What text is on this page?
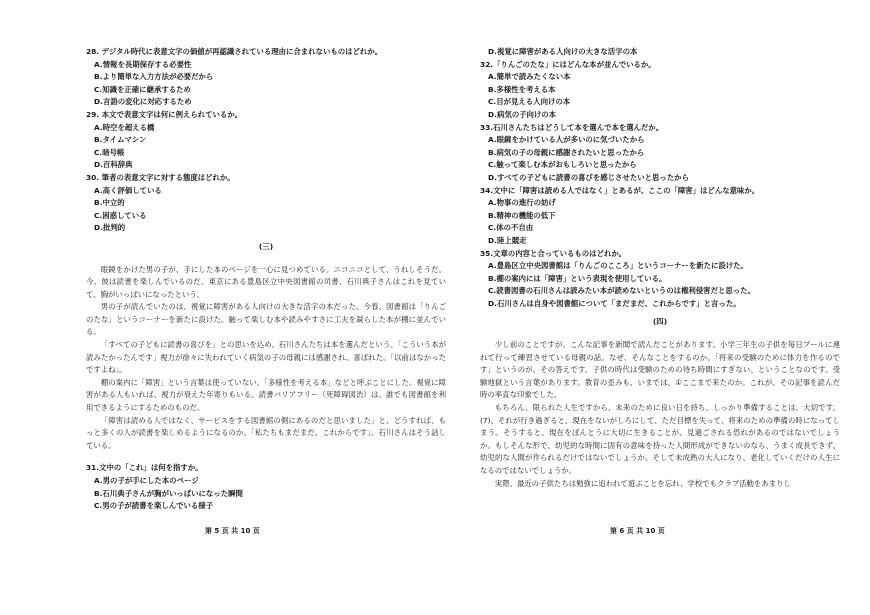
28. デジタル時代に表意文字の価値が再認識されている理由に合まれないものはどれか。
A.情報を長期保存する必要性
B.より簡単な入力方法が必要だから
C.知識を正確に継承するため
D.言語の変化に対応するため
29. 本文で表意文字は何に例えられているか。
A.時空を超える橋
B.タイムマシン
C.暗号帳
D.百科辞典
30. 筆者の表意文字に対する態度はどれか。
A.高く評価している
B.中立的
C.困惑している
D.批判的
(三)
眼鏡をかけた男の子が、手にした本のページを一心に見つめている。ニコニコとして、うれしそうだ。今、彼は読書を楽しんでいるのだ。東京にある豊島区立中央図書館の司書、石川典子さんはこれを見ていて、胸がいっぱいになったという。
男の子が読んでいたのは、視覚に障害がある人向けの大きな活字の本だった。今春、図書館は「りんごのたな」というコーナーを新たに設けた。触って楽しむ本や読みやすさに工夫を凝らした本が棚に並んでいる。
「すべての子どもに読書の喜びを」との思いを込め、石川さんたちは本を選んだという。「こういう本が読みたかったんです」視力が徐々に失われていく病気の子の母親には感謝され、喜ばれた。「以前はなかったですよね」。
棚の案内に「障害」という言葉は使っていない。「多様性を考える本」などと呼ぶことにした。視覚に障害がある人もいれば、視力が衰えた年寄りもいる。読書バリアフリー（死障碍図渋）は、誰でも図書館を利用できるようにするためのものだ。
「障害は読める人ではなく、サービスをする図書館の側にあるのだと思いました」と、どうすれば、もっと多くの人が読書を楽しめるようになるのか。「私たちもまだまだ、これからです」。石川さんはそう話している。
31.文中の「これ」は何を指すか。
A.男の子が手にした本のページ
B.石川典子さんが胸がいっぱいになった瞬間
C.男の子が読書を楽しんでいる様子
第 5 页 共 10 页
D.視覚に障害がある人向けの大きな活字の本
32.「りんごのたな」にはどんな本が並んでいるか。
A.簡単で読みたくない本
B.多様性を考える本
C.目が見える人向けの本
D.病気の子向けの本
33.石川さんたちはどうして本を選んで本を選んだか。
A.眼鏡をかけている人が多いのに気づいたから
B.病気の子の母親に感謝されたいと思ったから
C.触って楽しむ本がおもしろいと思ったから
D.すべての子どもに読書の喜びを感じさせたいと思ったから
34.文中に「障害は読める人ではなく」とあるが、ここの「障害」はどんな意味か。
A.物事の進行の妨げ
B.精神の機能の低下
C.体の不自由
D.陸上競走
35.文章の内容と合っているものはどれか。
A.豊島区立中央図書館は「りんごのこころ」というコーナーを新たに設けた。
B.棚の案内には「障害」という表現を使用している。
C.読書図書の石川さんは読みたい本が読めないというのは権利侵害だと思った。
D.石川さんは自身や図書館について「まだまだ、これからです」と言った。
(四)
少し前のことですが、こんな記事を新聞で読んだことがあります。小学三年生の子供を毎日プールに連れて行って練習させている母親の話。なぜ、そんなことをするのか。「将来の受験のために体力を作るのです」というのが、その答えです。子供の時代は受験のための待ち時間にすぎない、ということなのです。受験地獄という言葉があります。教育の歪みも、いまでは、①ここまで来たのか。これが、その記事を読んだ時の率直な印象でした。
もちろん、限られた人生ですから、未来のために良い日を持ち、しっかり準備することは、大切です。(7)、それが行き過ぎると、現在をないがしろにして、ただ目標を失って、将来のための準備の時になってしまう。そうすると、現在をぼんとうに大切に生きることが、見過ごされる恐れがあるのではないでしょうか。もしそんな形で、幼児的な時間に固有の意味を持った人間形成ができないのなら、うまく成長できず、幼児的な人間が作られるだけではないでしょうか。そして未成熟の大人になり、老化していくだけの人生になるのではないでしょうか。
実際、最近の子供たちは勉強に追われて遊ぶことを忘れ、学校でもクラブ活動をあまりし
第 6 页 共 10 页
